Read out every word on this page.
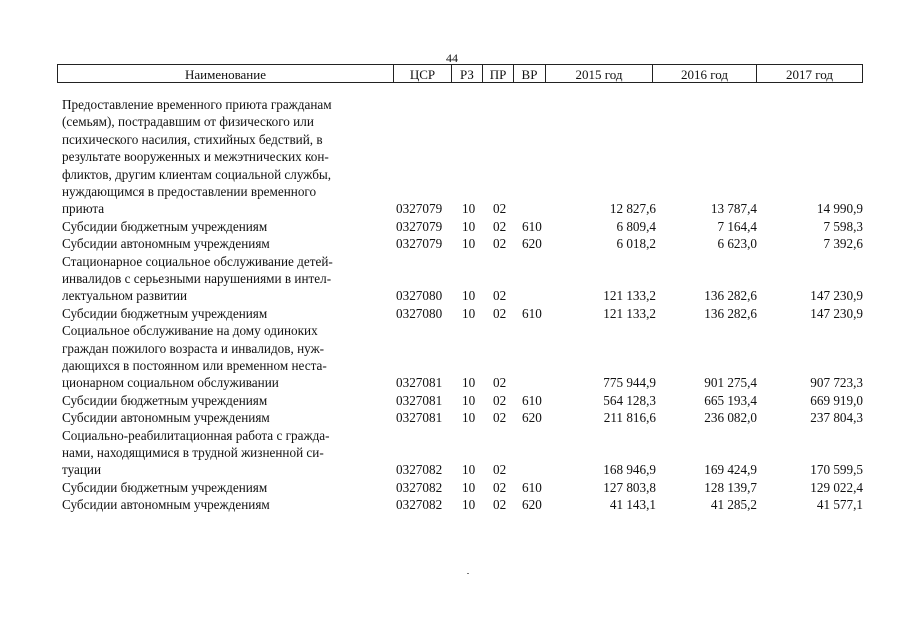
44
Наименование	ЦСР	РЗ	ПР	ВР	2015 год	2016 год	2017 год
Предоставление временного приюта гражданам
(семьям), пострадавшим от физического или
психического насилия, стихийных бедствий, в
результате вооруженных и межэтнических кон-
фликтов, другим клиентам социальной службы,
нуждающимся в предоставлении временного
приюта	0327079 10 02	12 827,6	13 787,4	14 990,9
Субсидии бюджетным учреждениям	0327079 10 02 610	6 809,4	7 164,4	7 598,3
Субсидии автономным учреждениям	0327079 10 02 620	6 018,2	6 623,0	7 392,6
Стационарное социальное обслуживание детей-
инвалидов с серьезными нарушениями в интел-
лектуальном развитии	0327080 10 02	121 133,2	136 282,6	147 230,9
Субсидии бюджетным учреждениям	0327080 10 02 610	121 133,2	136 282,6	147 230,9
Социальное обслуживание на дому одиноких
граждан пожилого возраста и инвалидов, нуж-
дающихся в постоянном или временном неста-
ционарном социальном обслуживании	0327081 10 02	775 944,9	901 275,4	907 723,3
Субсидии бюджетным учреждениям	0327081 10 02 610	564 128,3	665 193,4	669 919,0
Субсидии автономным учреждениям	0327081 10 02 620	211 816,6	236 082,0	237 804,3
Социально-реабилитационная работа с гражда-
нами, находящимися в трудной жизненной си-
туации	0327082 10 02	168 946,9	169 424,9	170 599,5
Субсидии бюджетным учреждениям	0327082 10 02 610	127 803,8	128 139,7	129 022,4
Субсидии автономным учреждениям	0327082 10 02 620	41 143,1	41 285,2	41 577,1
